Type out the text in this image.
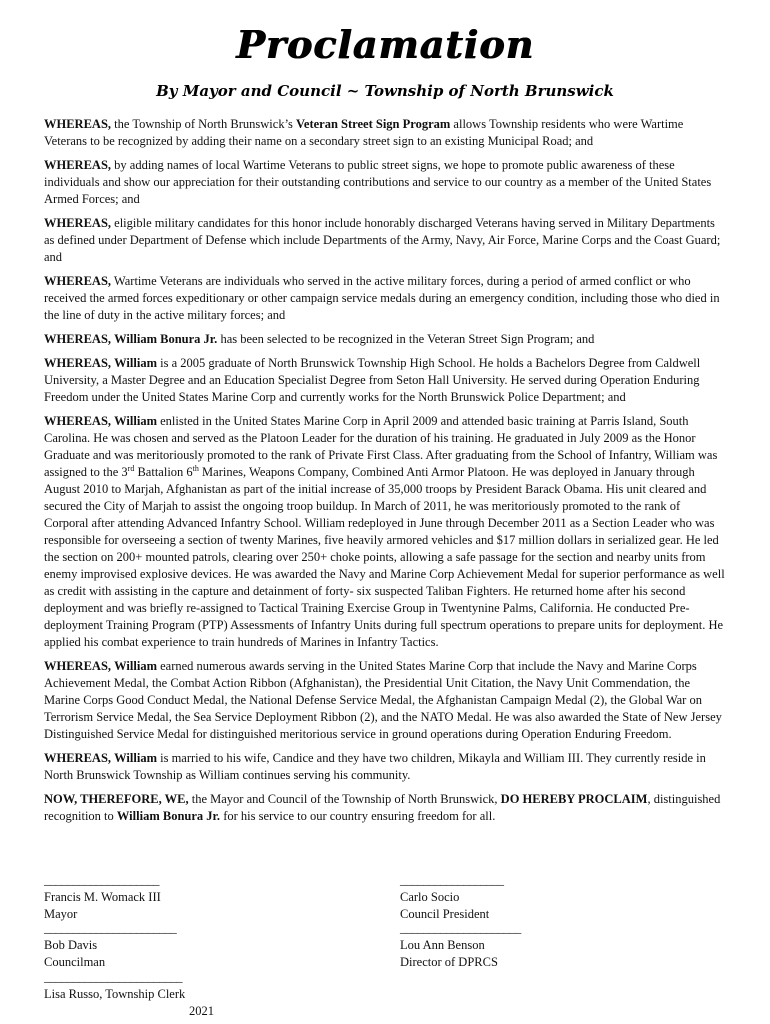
Proclamation
By Mayor and Council ~ Township of North Brunswick

WHEREAS, the Township of North Brunswick’s Veteran Street Sign Program allows Township residents who were Wartime Veterans to be recognized by adding their name on a secondary street sign to an existing Municipal Road; and

WHEREAS, by adding names of local Wartime Veterans to public street signs, we hope to promote public awareness of these individuals and show our appreciation for their outstanding contributions and service to our country as a member of the United States Armed Forces; and

WHEREAS, eligible military candidates for this honor include honorably discharged Veterans having served in Military Departments as defined under Department of Defense which include Departments of the Army, Navy, Air Force, Marine Corps and the Coast Guard; and

WHEREAS, Wartime Veterans are individuals who served in the active military forces, during a period of armed conflict or who received the armed forces expeditionary or other campaign service medals during an emergency condition, including those who died in the line of duty in the active military forces; and

WHEREAS, William Bonura Jr. has been selected to be recognized in the Veteran Street Sign Program; and

WHEREAS, William is a 2005 graduate of North Brunswick Township High School. He holds a Bachelors Degree from Caldwell University, a Master Degree and an Education Specialist Degree from Seton Hall University. He served during Operation Enduring Freedom under the United States Marine Corp and currently works for the North Brunswick Police Department; and

WHEREAS, William enlisted in the United States Marine Corp in April 2009 and attended basic training at Parris Island, South Carolina. He was chosen and served as the Platoon Leader for the duration of his training. He graduated in July 2009 as the Honor Graduate and was meritoriously promoted to the rank of Private First Class. After graduating from the School of Infantry, William was assigned to the 3rd Battalion 6th Marines, Weapons Company, Combined Anti Armor Platoon. He was deployed in January through August 2010 to Marjah, Afghanistan as part of the initial increase of 35,000 troops by President Barack Obama. His unit cleared and secured the City of Marjah to assist the ongoing troop buildup. In March of 2011, he was meritoriously promoted to the rank of Corporal after attending Advanced Infantry School. William redeployed in June through December 2011 as a Section Leader who was responsible for overseeing a section of twenty Marines, five heavily armored vehicles and $17 million dollars in serialized gear. He led the section on 200+ mounted patrols, clearing over 250+ choke points, allowing a safe passage for the section and nearby units from enemy improvised explosive devices. He was awarded the Navy and Marine Corp Achievement Medal for superior performance as well as credit with assisting in the capture and detainment of forty- six suspected Taliban Fighters. He returned home after his second deployment and was briefly re-assigned to Tactical Training Exercise Group in Twentynine Palms, California. He conducted Pre-deployment Training Program (PTP) Assessments of Infantry Units during full spectrum operations to prepare units for deployment. He applied his combat experience to train hundreds of Marines in Infantry Tactics.

WHEREAS, William earned numerous awards serving in the United States Marine Corp that include the Navy and Marine Corps Achievement Medal, the Combat Action Ribbon (Afghanistan), the Presidential Unit Citation, the Navy Unit Commendation, the Marine Corps Good Conduct Medal, the National Defense Service Medal, the Afghanistan Campaign Medal (2), the Global War on Terrorism Service Medal, the Sea Service Deployment Ribbon (2), and the NATO Medal. He was also awarded the State of New Jersey Distinguished Service Medal for distinguished meritorious service in ground operations during Operation Enduring Freedom.

WHEREAS, William is married to his wife, Candice and they have two children, Mikayla and William III. They currently reside in North Brunswick Township as William continues serving his community.

NOW, THEREFORE, WE, the Mayor and Council of the Township of North Brunswick, DO HEREBY PROCLAIM, distinguished recognition to William Bonura Jr. for his service to our country ensuring freedom for all.

____________________
Francis M. Womack III
Mayor
__________________
Carlo Socio
Council President
_______________________
Bob Davis
Councilman
_____________________
Lou Ann Benson
Director of DPRCS
________________________
Lisa Russo, Township Clerk
2021
